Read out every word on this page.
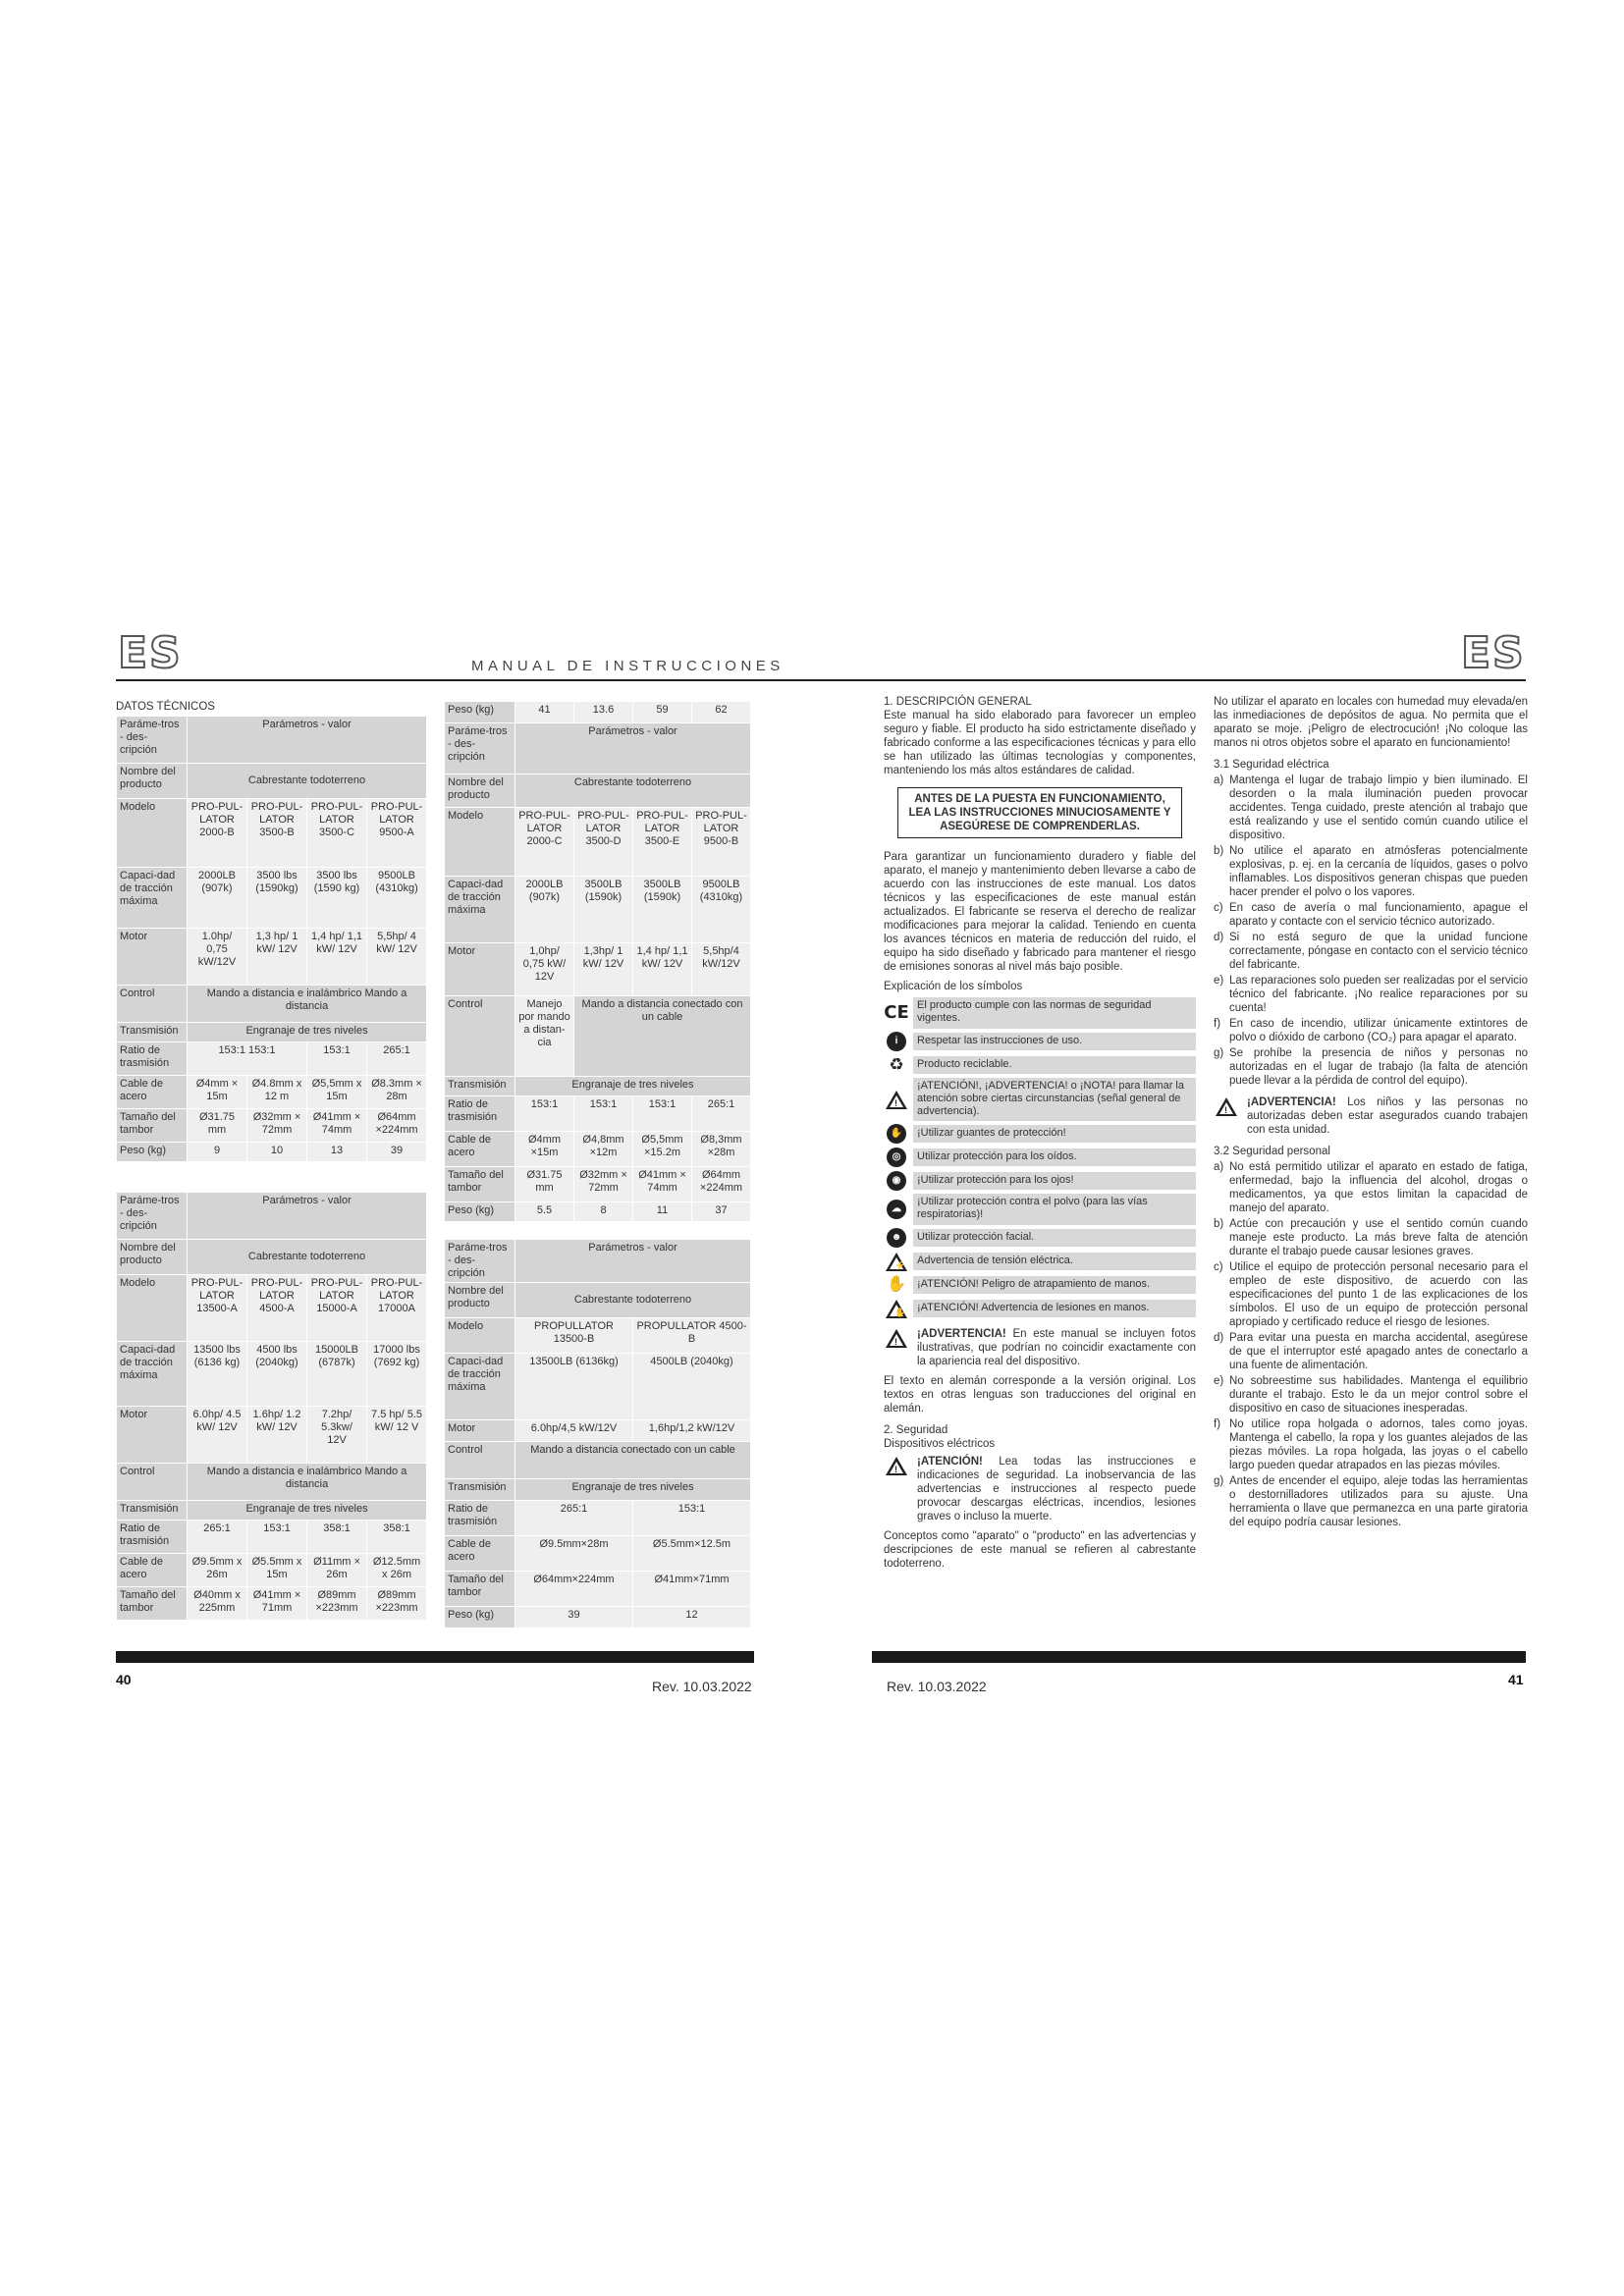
ES	MANUAL DE INSTRUCCIONES	ES
DATOS TÉCNICOS
Paráme-tros - des-cripción	Parámetros - valor			
Nombre del producto	Cabrestante todoterreno			
Modelo	PRO-PUL-LATOR 2000-B	PRO-PUL-LATOR 3500-B	PRO-PUL-LATOR 3500-C	PRO-PUL-LATOR 9500-A
Capaci-dad de tracción máxima	2000LB (907k)	3500 lbs (1590kg)	3500 lbs (1590 kg)	9500LB (4310kg)
Motor	1.0hp/ 0,75 kW/12V	1,3 hp/ 1 kW/ 12V	1,4 hp/ 1,1 kW/ 12V	5,5hp/ 4 kW/ 12V
Control	Mando a distancia e inalámbrico Mando a distancia			
Transmisión	Engranaje de tres niveles			
Ratio de trasmisión	153:1 153:1		153:1	265:1
Cable de acero	Ø4mm × 15m	Ø4.8mm x 12 m	Ø5,5mm x 15m	Ø8.3mm × 28m
Tamaño del tambor	Ø31.75 mm	Ø32mm × 72mm	Ø41mm × 74mm	Ø64mm ×224mm
Peso (kg)	9	10	13	39
Paráme-tros - des-cripción	Parámetros - valor			
Nombre del producto	Cabrestante todoterreno			
Modelo	PRO-PUL-LATOR 13500-A	PRO-PUL-LATOR 4500-A	PRO-PUL-LATOR 15000-A	PRO-PUL-LATOR 17000A
Capaci-dad de tracción máxima	13500 lbs (6136 kg)	4500 lbs (2040kg)	15000LB (6787k)	17000 lbs (7692 kg)
Motor	6.0hp/ 4.5 kW/ 12V	1.6hp/ 1.2 kW/ 12V	7.2hp/ 5.3kw/ 12V	7.5 hp/ 5.5 kW/ 12 V
Control	Mando a distancia e inalámbrico Mando a distancia			
Transmisión	Engranaje de tres niveles			
Ratio de trasmisión	265:1	153:1	358:1	358:1
Cable de acero	Ø9.5mm x 26m	Ø5.5mm x 15m	Ø11mm × 26m	Ø12.5mm x 26m
Tamaño del tambor	Ø40mm x 225mm	Ø41mm × 71mm	Ø89mm ×223mm	Ø89mm ×223mm
Peso (kg)	41	13.6	59	62
Paráme-tros - des-cripción	Parámetros - valor			
Nombre del producto	Cabrestante todoterreno			
Modelo	PRO-PUL-LATOR 2000-C	PRO-PUL-LATOR 3500-D	PRO-PUL-LATOR 3500-E	PRO-PUL-LATOR 9500-B
Capaci-dad de tracción máxima	2000LB (907k)	3500LB (1590k)	3500LB (1590k)	9500LB (4310kg)
Motor	1,0hp/ 0,75 kW/ 12V	1,3hp/ 1 kW/ 12V	1,4 hp/ 1,1 kW/ 12V	5,5hp/4 kW/12V
Control	Manejo por mando a distan-cia	Mando a distancia conectado con un cable		
Transmisión	Engranaje de tres niveles			
Ratio de trasmisión	153:1	153:1	153:1	265:1
Cable de acero	Ø4mm ×15m	Ø4,8mm ×12m	Ø5,5mm ×15.2m	Ø8,3mm ×28m
Tamaño del tambor	Ø31.75 mm	Ø32mm × 72mm	Ø41mm × 74mm	Ø64mm ×224mm
Peso (kg)	5.5	8	11	37
Paráme-tros - des-cripción	Parámetros - valor	
Nombre del producto	Cabrestante todoterreno	
Modelo	PROPULLATOR 13500-B	PROPULLATOR 4500-B
Capaci-dad de tracción máxima	13500LB (6136kg)	4500LB (2040kg)
Motor	6.0hp/4,5 kW/12V	1,6hp/1,2 kW/12V
Control	Mando a distancia conectado con un cable	
Transmisión	Engranaje de tres niveles	
Ratio de trasmisión	265:1	153:1
Cable de acero	Ø9.5mm×28m	Ø5.5mm×12.5m
Tamaño del tambor	Ø64mm×224mm	Ø41mm×71mm
Peso (kg)	39	12

1. DESCRIPCIÓN GENERAL

Este manual ha sido elaborado para favorecer un empleo seguro y fiable. El producto ha sido estrictamente diseñado y fabricado conforme a las especificaciones técnicas y para ello se han utilizado las últimas tecnologías y componentes, manteniendo los más altos estándares de calidad.

ANTES DE LA PUESTA EN FUNCIONAMIENTO, LEA LAS INSTRUCCIONES MINUCIOSAMENTE Y ASEGÚRESE DE COMPRENDERLAS.

Para garantizar un funcionamiento duradero y fiable del aparato, el manejo y mantenimiento deben llevarse a cabo de acuerdo con las instrucciones de este manual. Los datos técnicos y las especificaciones de este manual están actualizados. El fabricante se reserva el derecho de realizar modificaciones para mejorar la calidad. Teniendo en cuenta los avances técnicos en materia de reducción del ruido, el equipo ha sido diseñado y fabricado para mantener el riesgo de emisiones sonoras al nivel más bajo posible.

Explicación de los símbolos

CE El producto cumple con las normas de seguridad vigentes.
i	Respetar las instrucciones de uso.
♻	Producto reciclable.
!
¡ATENCIÓN!, ¡ADVERTENCIA! o ¡NOTA! para llamar la atención sobre ciertas circunstancias (señal general de advertencia).
✋	¡Utilizar guantes de protección!
◎	Utilizar protección para los oídos.
◉	¡Utilizar protección para los ojos!
☁
¡Utilizar protección contra el polvo (para las vías respiratorias)!
☻	Utilizar protección facial.
⚡	Advertencia de tensión eléctrica.
✋	¡ATENCIÓN! Peligro de atrapamiento de manos.
✋	¡ATENCIÓN! Advertencia de lesiones en manos.
!
¡ADVERTENCIA! En este manual se incluyen fotos ilustrativas, que podrían no coincidir exactamente con la apariencia real del dispositivo.

El texto en alemán corresponde a la versión original. Los textos en otras lenguas son traducciones del original en alemán.

2. Seguridad

Dispositivos eléctricos

!
¡ATENCIÓN! Lea todas las instrucciones e indicaciones de seguridad. La inobservancia de las advertencias e instrucciones al respecto puede provocar descargas eléctricas, incendios, lesiones graves o incluso la muerte.

Conceptos como "aparato" o "producto" en las advertencias y descripciones de este manual se refieren al cabrestante todoterreno.

No utilizar el aparato en locales con humedad muy elevada/en las inmediaciones de depósitos de agua. No permita que el aparato se moje. ¡Peligro de electrocución! ¡No coloque las manos ni otros objetos sobre el aparato en funcionamiento!

3.1 Seguridad eléctrica

a) Mantenga el lugar de trabajo limpio y bien iluminado. El desorden o la mala iluminación pueden provocar accidentes. Tenga cuidado, preste atención al trabajo que está realizando y use el sentido común cuando utilice el dispositivo.
b) No utilice el aparato en atmósferas potencialmente explosivas, p. ej. en la cercanía de líquidos, gases o polvo inflamables. Los dispositivos generan chispas que pueden hacer prender el polvo o los vapores.
c) En caso de avería o mal funcionamiento, apague el aparato y contacte con el servicio técnico autorizado.
d) Si no está seguro de que la unidad funcione correctamente, póngase en contacto con el servicio técnico del fabricante.
e) Las reparaciones solo pueden ser realizadas por el servicio técnico del fabricante. ¡No realice reparaciones por su cuenta!
f) En caso de incendio, utilizar únicamente extintores de polvo o dióxido de carbono (CO₂) para apagar el aparato.
g) Se prohíbe la presencia de niños y personas no autorizadas en el lugar de trabajo (la falta de atención puede llevar a la pérdida de control del equipo).
!
¡ADVERTENCIA! Los niños y las personas no autorizadas deben estar asegurados cuando trabajen con esta unidad.

3.2 Seguridad personal

a) No está permitido utilizar el aparato en estado de fatiga, enfermedad, bajo la influencia del alcohol, drogas o medicamentos, ya que estos limitan la capacidad de manejo del aparato.
b) Actúe con precaución y use el sentido común cuando maneje este producto. La más breve falta de atención durante el trabajo puede causar lesiones graves.
c) Utilice el equipo de protección personal necesario para el empleo de este dispositivo, de acuerdo con las especificaciones del punto 1 de las explicaciones de los símbolos. El uso de un equipo de protección personal apropiado y certificado reduce el riesgo de lesiones.
d) Para evitar una puesta en marcha accidental, asegúrese de que el interruptor esté apagado antes de conectarlo a una fuente de alimentación.
e) No sobreestime sus habilidades. Mantenga el equilibrio durante el trabajo. Esto le da un mejor control sobre el dispositivo en caso de situaciones inesperadas.
f) No utilice ropa holgada o adornos, tales como joyas. Mantenga el cabello, la ropa y los guantes alejados de las piezas móviles. La ropa holgada, las joyas o el cabello largo pueden quedar atrapados en las piezas móviles.
g) Antes de encender el equipo, aleje todas las herramientas o destornilladores utilizados para su ajuste. Una herramienta o llave que permanezca en una parte giratoria del equipo podría causar lesiones.
40	Rev. 10.03.2022	Rev. 10.03.2022	41
